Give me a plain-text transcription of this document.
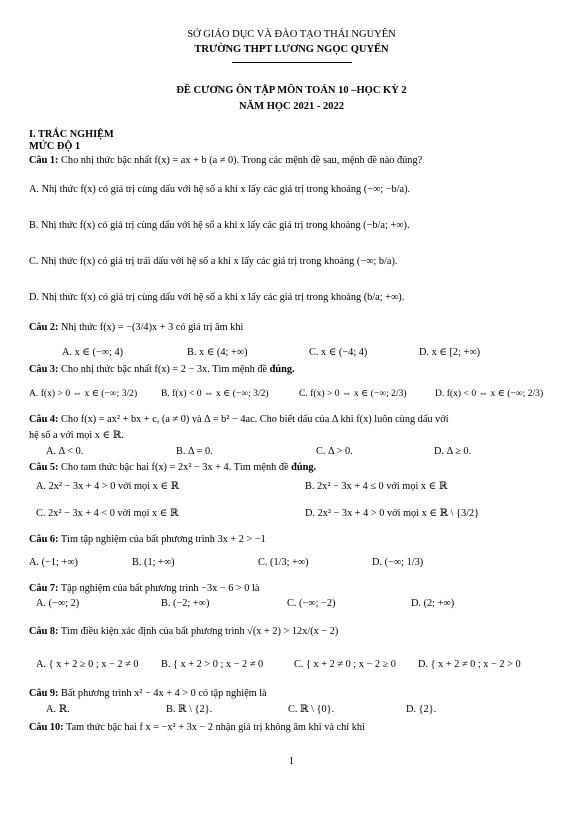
SỞ GIÁO DỤC VÀ ĐÀO TẠO THÁI NGUYÊN
TRƯỜNG THPT LƯƠNG NGỌC QUYẾN
ĐỀ CƯƠNG ÔN TẬP MÔN TOÁN 10 –HỌC KỲ 2
NĂM HỌC 2021 - 2022
I. TRẮC NGHIỆM
MỨC ĐỘ 1
Câu 1: Cho nhị thức bậc nhất f(x) = ax + b (a ≠ 0). Trong các mệnh đề sau, mệnh đề nào đúng?
A. Nhị thức f(x) có giá trị cùng dấu với hệ số a khi x lấy các giá trị trong khoảng (−∞; −b/a).
B. Nhị thức f(x) có giá trị cùng dấu với hệ số a khi x lấy các giá trị trong khoảng (−b/a; +∞).
C. Nhị thức f(x) có giá trị trái dấu với hệ số a khi x lấy các giá trị trong khoảng (−∞; b/a).
D. Nhị thức f(x) có giá trị cùng dấu với hệ số a khi x lấy các giá trị trong khoảng (b/a; +∞).
Câu 2: Nhị thức f(x) = −(3/4)x + 3 có giá trị âm khi
A. x ∈ (−∞; 4)	B. x ∈ (4; +∞)	C. x ∈ (−4; 4)	D. x ∈ [2; +∞)
Câu 3: Cho nhị thức bậc nhất f(x) = 2 − 3x. Tìm mệnh đề đúng.
A. f(x) > 0 ⇔ x ∈ (−∞; 3/2)	B. f(x) < 0 ⇔ x ∈ (−∞; 3/2)	C. f(x) > 0 ⇔ x ∈ (−∞; 2/3)	D. f(x) < 0 ⇔ x ∈ (−∞; 2/3)
Câu 4: Cho f(x) = ax² + bx + c, (a ≠ 0) và Δ = b² − 4ac. Cho biết dấu của Δ khi f(x) luôn cùng dấu với
hệ số a với mọi x ∈ ℝ.
A. Δ < 0.	B. Δ = 0.	C. Δ > 0.	D. Δ ≥ 0.
Câu 5: Cho tam thức bậc hai f(x) = 2x² − 3x + 4. Tìm mệnh đề đúng.
A. 2x² − 3x + 4 > 0 với mọi x ∈ ℝ	B. 2x² − 3x + 4 ≤ 0 với mọi x ∈ ℝ
C. 2x² − 3x + 4 < 0 với mọi x ∈ ℝ	D. 2x² − 3x + 4 > 0 với mọi x ∈ ℝ \ {3/2}
Câu 6: Tìm tập nghiệm của bất phương trình 3x + 2 > −1
A. (−1; +∞)	B. (1; +∞)	C. (1/3; +∞)	D. (−∞; 1/3)
Câu 7: Tập nghiệm của bất phương trình −3x − 6 > 0 là
A. (−∞; 2)	B. (−2; +∞)	C. (−∞; −2)	D. (2; +∞)
Câu 8: Tìm điều kiện xác định của bất phương trình √(x + 2) > 12x/(x − 2)
A. { x + 2 ≥ 0 ; x − 2 ≠ 0	B. { x + 2 > 0 ; x − 2 ≠ 0	C. { x + 2 ≠ 0 ; x − 2 ≥ 0	D. { x + 2 ≠ 0 ; x − 2 > 0
Câu 9: Bất phương trình x² − 4x + 4 > 0 có tập nghiệm là
A. ℝ.	B. ℝ \ {2}.	C. ℝ \ {0}.	D. {2}.
Câu 10: Tam thức bậc hai f x = −x² + 3x − 2 nhận giá trị không âm khi và chỉ khi
1
